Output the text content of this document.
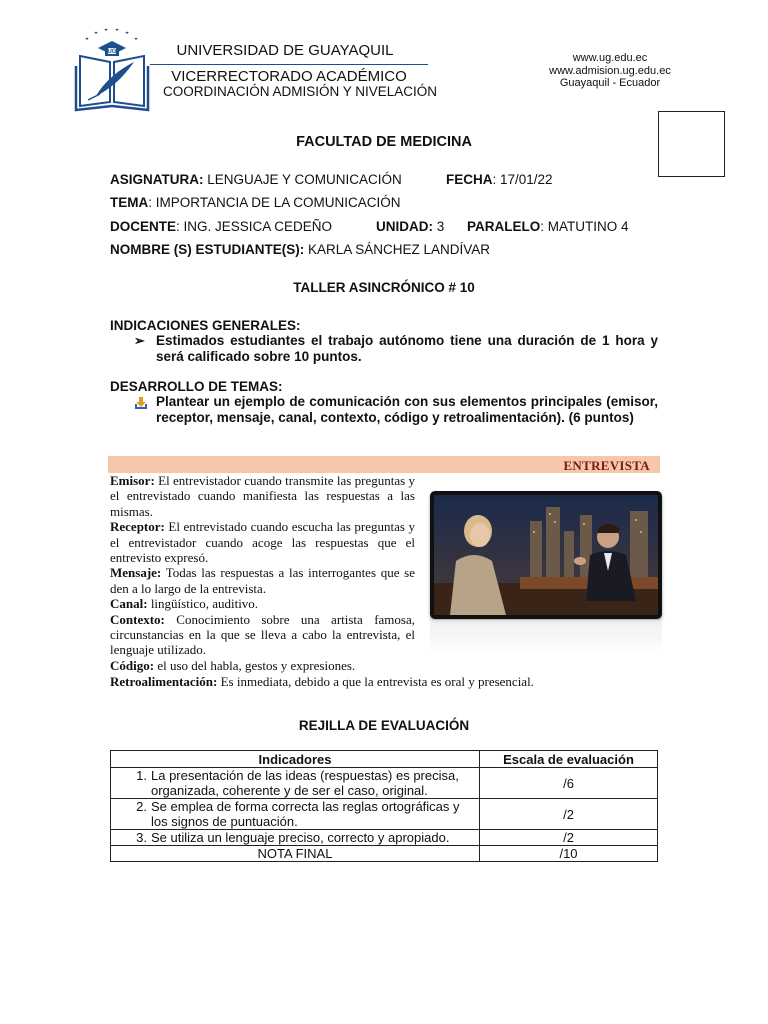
UG	UNIVERSIDAD DE GUAYAQUIL
VICERRECTORADO ACADÉMICO
COORDINACIÓN ADMISIÓN Y NIVELACIÓN
www.ug.edu.ec
www.admision.ug.edu.ec
Guayaquil - Ecuador
FACULTAD DE MEDICINA
ASIGNATURA: LENGUAJE Y COMUNICACIÓN	FECHA: 17/01/22
TEMA: IMPORTANCIA DE LA COMUNICACIÓN
DOCENTE: ING. JESSICA CEDEÑO	UNIDAD: 3 PARALELO: MATUTINO 4
NOMBRE (S) ESTUDIANTE(S): KARLA SÁNCHEZ LANDÍVAR
TALLER ASINCRÓNICO # 10
INDICACIONES GENERALES:
➢ Estimados estudiantes el trabajo autónomo tiene una duración de 1 hora y será calificado sobre 10 puntos.
DESARROLLO DE TEMAS:
Plantear un ejemplo de comunicación con sus elementos principales (emisor, receptor, mensaje, canal, contexto, código y retroalimentación). (6 puntos)
ENTREVISTA

Emisor: El entrevistador cuando transmite las preguntas y el entrevistado cuando manifiesta las respuestas a las mismas.

Receptor: El entrevistado cuando escucha las preguntas y el entrevistador cuando acoge las respuestas que el entrevisto expresó.

Mensaje: Todas las respuestas a las interrogantes que se den a lo largo de la entrevista.

Canal: lingüístico, auditivo.

Contexto: Conocimiento sobre una artista famosa, circunstancias en la que se lleva a cabo la entrevista, el lenguaje utilizado.

Código: el uso del habla, gestos y expresiones.
Retroalimentación: Es inmediata, debido a que la entrevista es oral y presencial.
REJILLA DE EVALUACIÓN
Indicadores	Escala de evaluación

1. La presentación de las ideas (respuestas) es precisa, organizada, coherente y de ser el caso, original.	/6

2. Se emplea de forma correcta las reglas ortográficas y los signos de puntuación.	/2

3. Se utiliza un lenguaje preciso, correcto y apropiado.	/2
NOTA FINAL	/10
